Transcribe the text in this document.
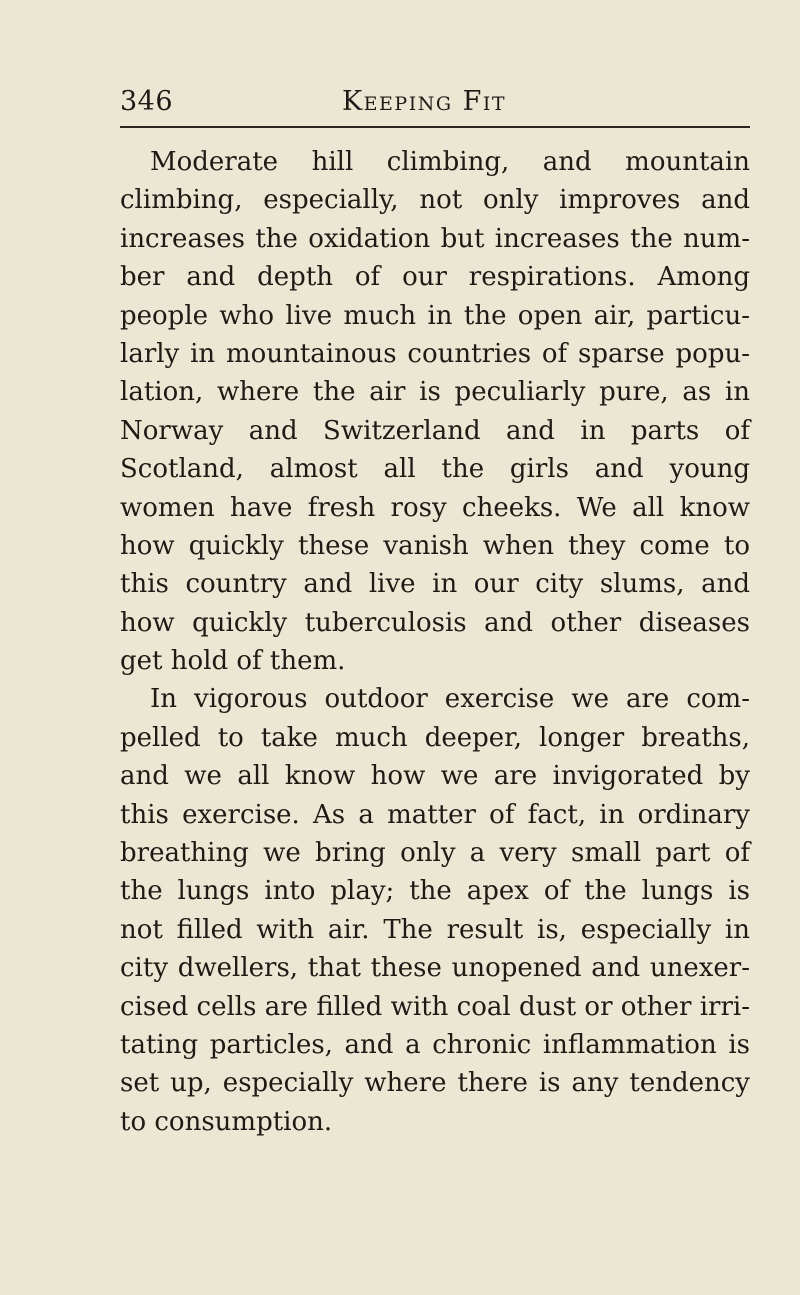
346	Keeping Fit
Moderate hill climbing, and mountain
climbing, especially, not only improves and
increases the oxidation but increases the num-
ber and depth of our respirations. Among
people who live much in the open air, particu-
larly in mountainous countries of sparse popu-
lation, where the air is peculiarly pure, as in
Norway and Switzerland and in parts of
Scotland, almost all the girls and young
women have fresh rosy cheeks. We all know
how quickly these vanish when they come to
this country and live in our city slums, and
how quickly tuberculosis and other diseases
get hold of them.
In vigorous outdoor exercise we are com-
pelled to take much deeper, longer breaths,
and we all know how we are invigorated by
this exercise. As a matter of fact, in ordinary
breathing we bring only a very small part of
the lungs into play; the apex of the lungs is
not filled with air. The result is, especially in
city dwellers, that these unopened and unexer-
cised cells are filled with coal dust or other irri-
tating particles, and a chronic inflammation is
set up, especially where there is any tendency
to consumption.
